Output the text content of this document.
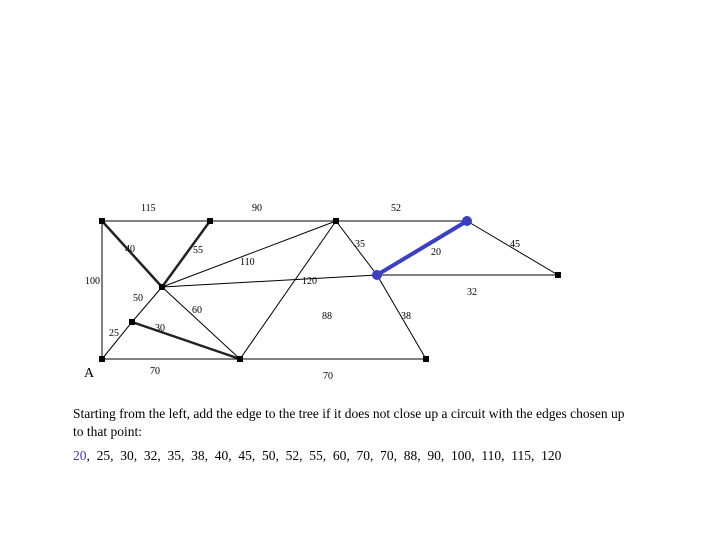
115	90	52
45
40	55
110
35
20
100	120
32
50
60
88	38
25	30
70	70
A
Starting from the left, add the edge to the tree if it does not close up a circuit with the edges chosen up to that point:
20,  25,  30,  32,  35,  38,  40,  45,  50,  52,  55,  60,  70,  70,  88,  90,  100,  110,  115,  120
